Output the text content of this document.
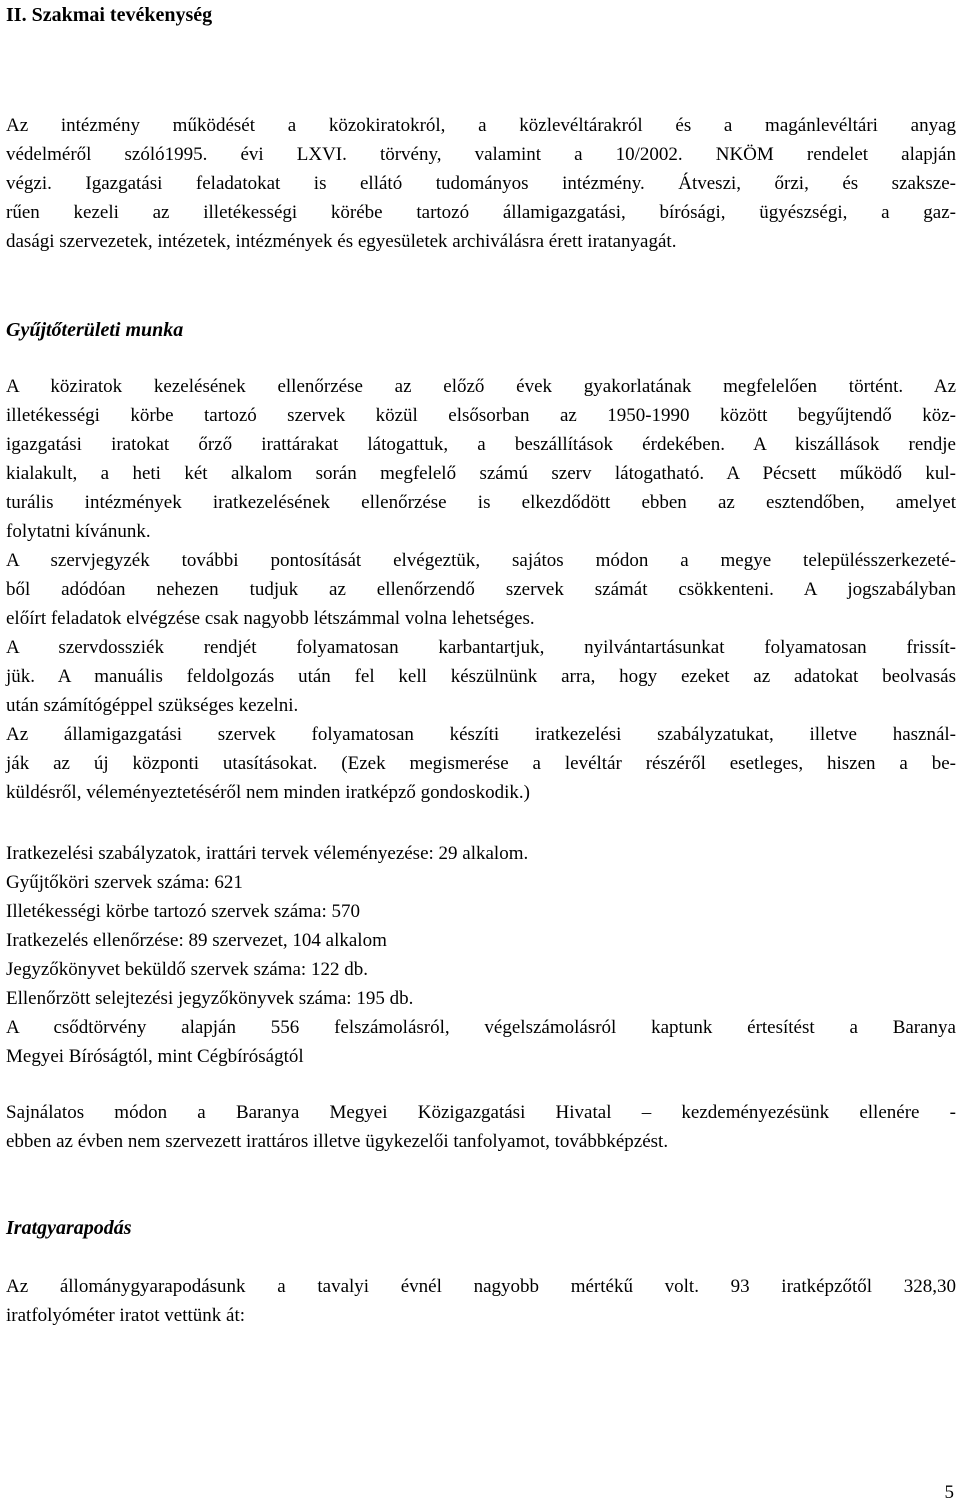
II. Szakmai tevékenység
Az intézmény működését a közokiratokról, a közlevéltárakról és a magánlevéltári anyag
védelméről szóló1995. évi LXVI. törvény, valamint a 10/2002. NKÖM rendelet alapján
végzi. Igazgatási feladatokat is ellátó tudományos intézmény. Átveszi, őrzi, és szaksze-
rűen kezeli az illetékességi körébe tartozó államigazgatási, bírósági, ügyészségi, a gaz-
dasági szervezetek, intézetek, intézmények és egyesületek archiválásra érett iratanyagát.
Gyűjtőterületi munka
A köziratok kezelésének ellenőrzése az előző évek gyakorlatának megfelelően történt. Az
illetékességi körbe tartozó szervek közül elsősorban az 1950-1990 között begyűjtendő köz-
igazgatási iratokat őrző irattárakat látogattuk, a beszállítások érdekében. A kiszállások rendje
kialakult, a heti két alkalom során megfelelő számú szerv látogatható. A Pécsett működő kul-
turális intézmények iratkezelésének ellenőrzése is elkezdődött ebben az esztendőben, amelyet
folytatni kívánunk.
A szervjegyzék további pontosítását elvégeztük, sajátos módon a megye településszerkezeté-
ből adódóan nehezen tudjuk az ellenőrzendő szervek számát csökkenteni. A jogszabályban
előírt feladatok elvégzése csak nagyobb létszámmal volna lehetséges.
A szervdossziék rendjét folyamatosan karbantartjuk, nyilvántartásunkat folyamatosan frissít-
jük. A manuális feldolgozás után fel kell készülnünk arra, hogy ezeket az adatokat beolvasás
után számítógéppel szükséges kezelni.
Az államigazgatási szervek folyamatosan készíti iratkezelési szabályzatukat, illetve használ-
ják az új központi utasításokat. (Ezek megismerése a levéltár részéről esetleges, hiszen a be-
küldésről, véleményeztetéséről nem minden iratképző gondoskodik.)
Iratkezelési szabályzatok, irattári tervek véleményezése: 29 alkalom.
Gyűjtőköri szervek száma: 621
Illetékességi körbe tartozó szervek száma: 570
Iratkezelés ellenőrzése: 89 szervezet, 104 alkalom
Jegyzőkönyvet beküldő szervek száma: 122 db.
Ellenőrzött selejtezési jegyzőkönyvek száma: 195 db.
A csődtörvény alapján 556 felszámolásról, végelszámolásról kaptunk értesítést a Baranya
Megyei Bíróságtól, mint Cégbíróságtól
Sajnálatos módon a Baranya Megyei Közigazgatási Hivatal – kezdeményezésünk ellenére -
ebben az évben nem szervezett irattáros illetve ügykezelői tanfolyamot, továbbképzést.
Iratgyarapodás
Az állománygyarapodásunk a tavalyi évnél nagyobb mértékű volt. 93 iratképzőtől 328,30
iratfolyóméter iratot vettünk át:
5
